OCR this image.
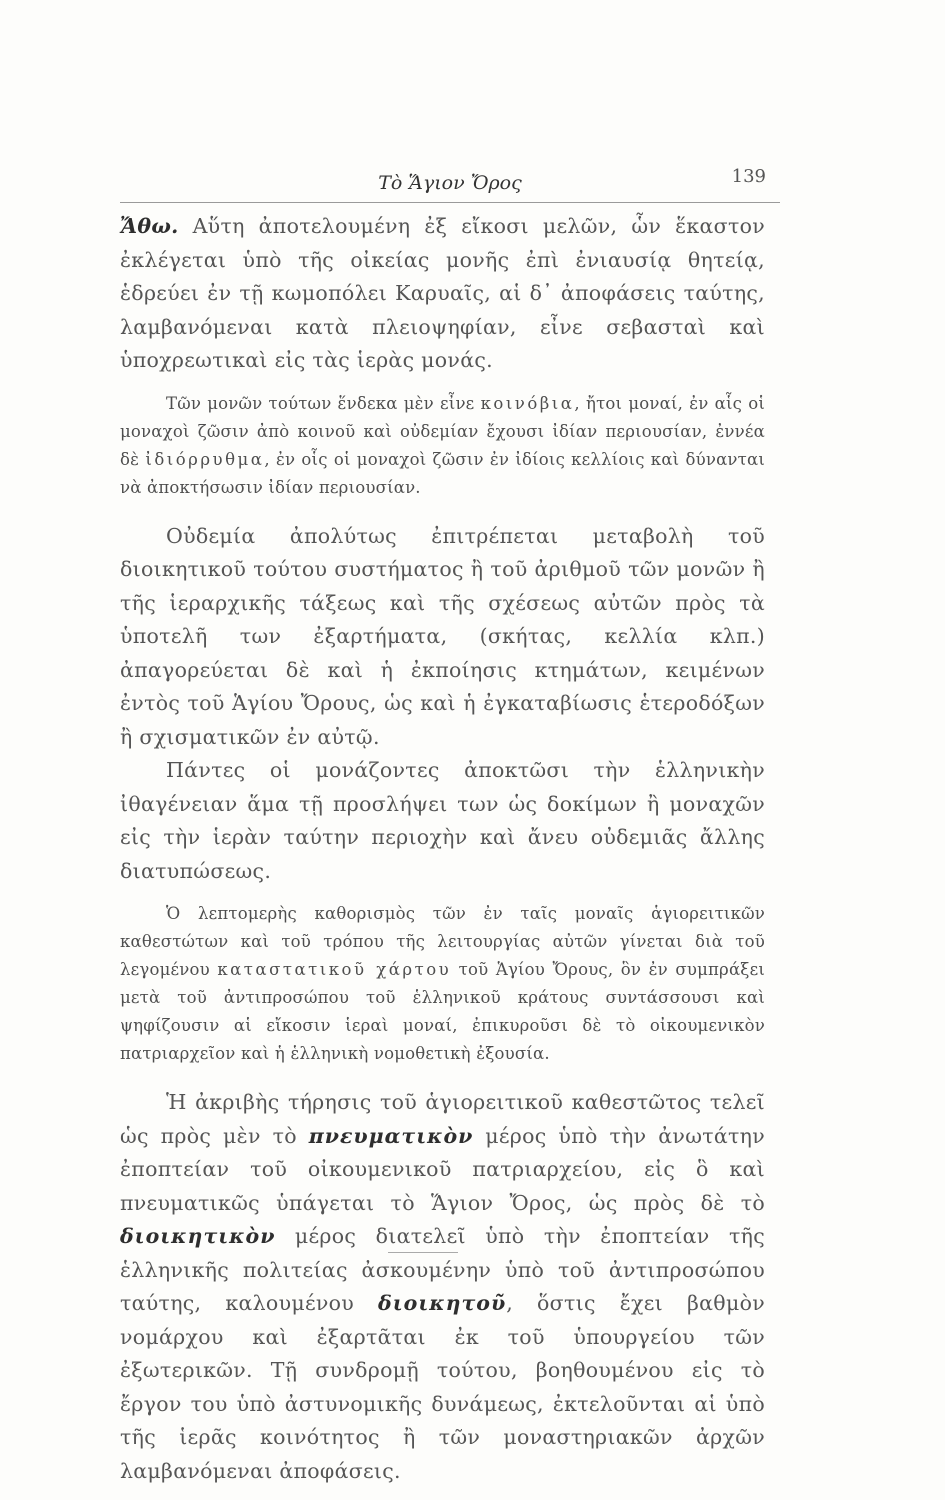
Τὸ Ἅγιον Ὄρος	139

Ἄθω. Αὕτη ἀποτελουμένη ἐξ εἴκοσι μελῶν, ὧν ἕκαστον ἐκλέγεται ὑπὸ τῆς οἰκείας μονῆς ἐπὶ ἐνιαυσίᾳ θητείᾳ, ἑδρεύει ἐν τῇ κωμοπόλει Καρυαῖς, αἱ δ᾽ ἀποφάσεις ταύτης, λαμβανόμεναι κατὰ πλειοψηφίαν, εἶνε σεβασταὶ καὶ ὑποχρεωτικαὶ εἰς τὰς ἱερὰς μονάς.

Τῶν μονῶν τούτων ἕνδεκα μὲν εἶνε κοινόβια, ἤτοι μοναί, ἐν αἷς οἱ μοναχοὶ ζῶσιν ἀπὸ κοινοῦ καὶ οὐδεμίαν ἔχουσι ἰδίαν περιουσίαν, ἐννέα δὲ ἰδιόρρυθμα, ἐν οἷς οἱ μοναχοὶ ζῶσιν ἐν ἰδίοις κελλίοις καὶ δύνανται νὰ ἀποκτήσωσιν ἰδίαν περιουσίαν.

Οὐδεμία ἀπολύτως ἐπιτρέπεται μεταβολὴ τοῦ διοικητικοῦ τούτου συστήματος ἢ τοῦ ἀριθμοῦ τῶν μονῶν ἢ τῆς ἱεραρχικῆς τάξεως καὶ τῆς σχέσεως αὐτῶν πρὸς τὰ ὑποτελῆ των ἐξαρτήματα, (σκήτας, κελλία κλπ.) ἀπαγορεύεται δὲ καὶ ἡ ἐκποίησις κτημάτων, κειμένων ἐντὸς τοῦ Ἁγίου Ὄρους, ὡς καὶ ἡ ἐγκαταβίωσις ἑτεροδόξων ἢ σχισματικῶν ἐν αὐτῷ.

Πάντες οἱ μονάζοντες ἀποκτῶσι τὴν ἑλληνικὴν ἰθαγένειαν ἅμα τῇ προσλήψει των ὡς δοκίμων ἢ μοναχῶν εἰς τὴν ἱερὰν ταύτην περιοχὴν καὶ ἄνευ οὐδεμιᾶς ἄλλης διατυπώσεως.

Ὁ λεπτομερὴς καθορισμὸς τῶν ἐν ταῖς μοναῖς ἁγιορειτικῶν καθεστώτων καὶ τοῦ τρόπου τῆς λειτουργίας αὐτῶν γίνεται διὰ τοῦ λεγομένου καταστατικοῦ χάρτου τοῦ Ἁγίου Ὄρους, ὃν ἐν συμπράξει μετὰ τοῦ ἀντιπροσώπου τοῦ ἑλληνικοῦ κράτους συντάσσουσι καὶ ψηφίζουσιν αἱ εἴκοσιν ἱεραὶ μοναί, ἐπικυροῦσι δὲ τὸ οἰκουμενικὸν πατριαρχεῖον καὶ ἡ ἑλληνικὴ νομοθετικὴ ἐξουσία.

Ἡ ἀκριβὴς τήρησις τοῦ ἁγιορειτικοῦ καθεστῶτος τελεῖ ὡς πρὸς μὲν τὸ πνευματικὸν μέρος ὑπὸ τὴν ἀνωτάτην ἐποπτείαν τοῦ οἰκουμενικοῦ πατριαρχείου, εἰς ὃ καὶ πνευματικῶς ὑπάγεται τὸ Ἅγιον Ὄρος, ὡς πρὸς δὲ τὸ διοικητικὸν μέρος διατελεῖ ὑπὸ τὴν ἐποπτείαν τῆς ἑλληνικῆς πολιτείας ἀσκουμένην ὑπὸ τοῦ ἀντιπροσώπου ταύτης, καλουμένου διοικητοῦ, ὅστις ἔχει βαθμὸν νομάρχου καὶ ἐξαρτᾶται ἐκ τοῦ ὑπουργείου τῶν ἐξωτερικῶν. Τῇ συνδρομῇ τούτου, βοηθουμένου εἰς τὸ ἔργον του ὑπὸ ἀστυνομικῆς δυνάμεως, ἐκτελοῦνται αἱ ὑπὸ τῆς ἱερᾶς κοινότητος ἢ τῶν μοναστηριακῶν ἀρχῶν λαμβανόμεναι ἀποφάσεις.
